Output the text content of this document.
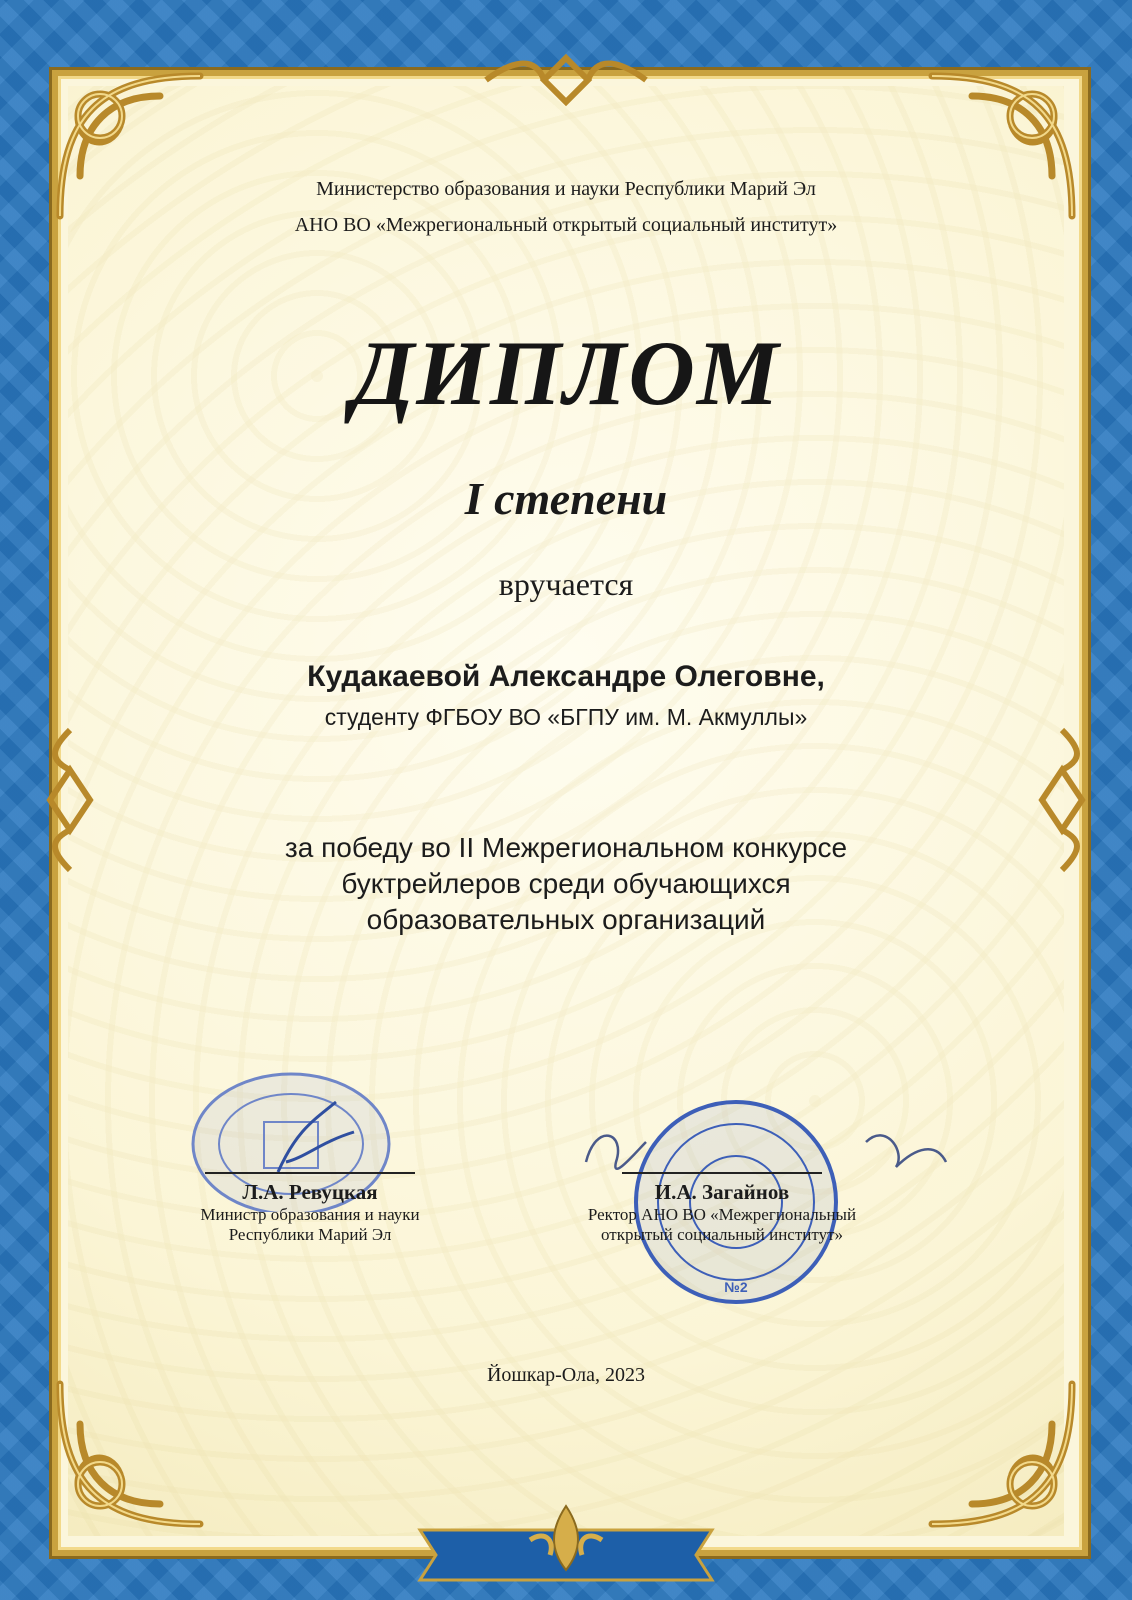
Министерство образования и науки Республики Марий Эл
АНО ВО «Межрегиональный открытый социальный институт»
ДИПЛОМ
I степени
вручается
Кудакаевой Александре Олеговне,
студенту ФГБОУ ВО «БГПУ им. М. Акмуллы»
за победу во II Межрегиональном конкурсе
буктрейлеров среди обучающихся
образовательных организаций
Л.А. Ревуцкая
Министр образования и науки
Республики Марий Эл
№2
И.А. Загайнов
Ректор АНО ВО «Межрегиональный
открытый социальный институт»
Йошкар-Ола, 2023
